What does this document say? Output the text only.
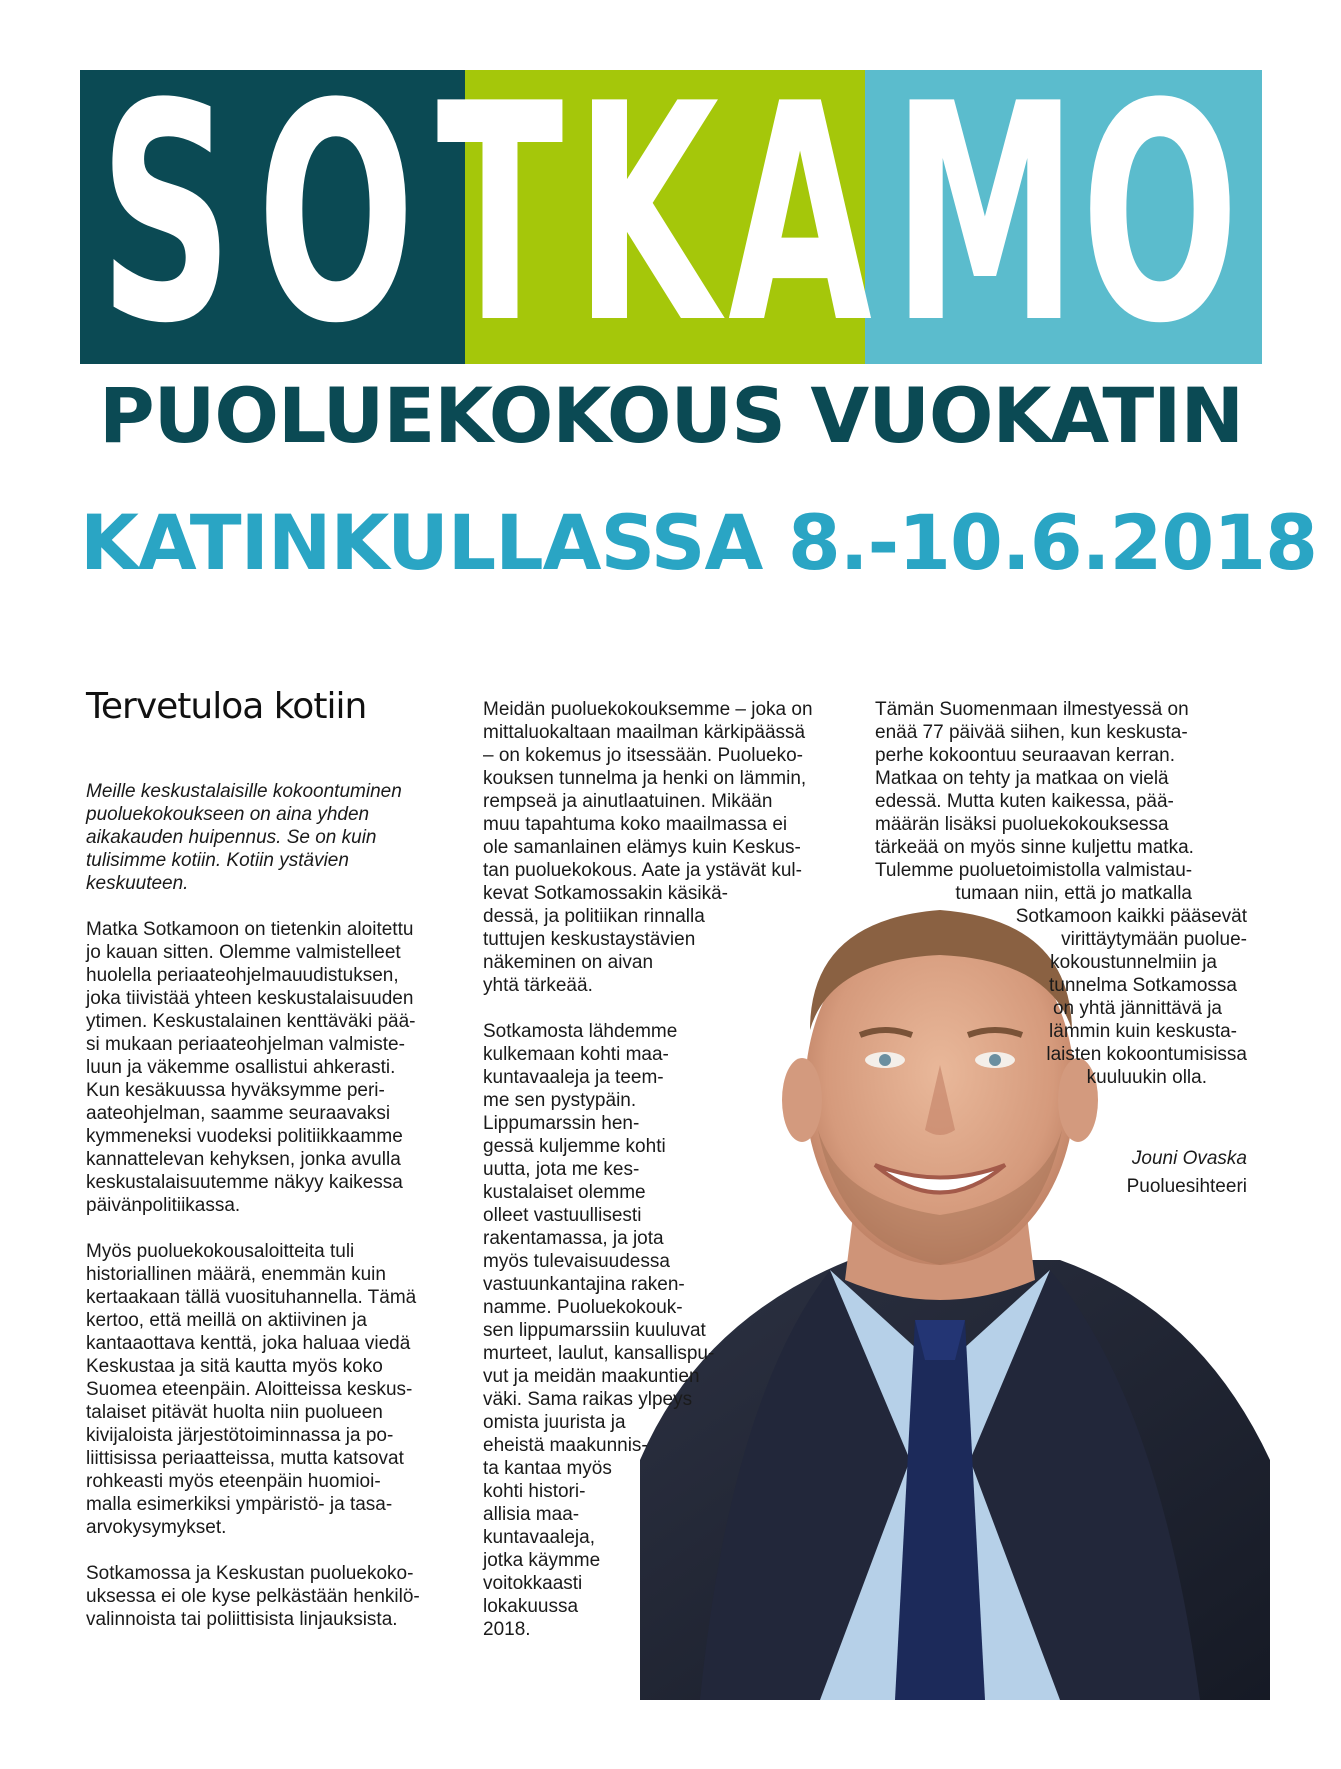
S O T K A M O
PUOLUEKOKOUS VUOKATIN
KATINKULLASSA 8.-10.6.2018
Tervetuloa kotiin

Meille keskustalaisille kokoontuminen

puoluekokoukseen on aina yhden

aikakauden huipennus. Se on kuin

tulisimme kotiin. Kotiin ystävien

keskuuteen.

Matka Sotkamoon on tietenkin aloitettu

jo kauan sitten. Olemme valmistelleet

huolella periaateohjelmauudistuksen,

joka tiivistää yhteen keskustalaisuuden

ytimen. Keskustalainen kenttäväki pää-

si mukaan periaateohjelman valmiste-

luun ja väkemme osallistui ahkerasti.

Kun kesäkuussa hyväksymme peri-

aateohjelman, saamme seuraavaksi

kymmeneksi vuodeksi politiikkaamme

kannattelevan kehyksen, jonka avulla

keskustalaisuutemme näkyy kaikessa

päivänpolitiikassa.

Myös puoluekokousaloitteita tuli

historiallinen määrä, enemmän kuin

kertaakaan tällä vuosituhannella. Tämä

kertoo, että meillä on aktiivinen ja

kantaaottava kenttä, joka haluaa viedä

Keskustaa ja sitä kautta myös koko

Suomea eteenpäin. Aloitteissa keskus-

talaiset pitävät huolta niin puolueen

kivijaloista järjestötoiminnassa ja po-

liittisissa periaatteissa, mutta katsovat

rohkeasti myös eteenpäin huomioi-

malla esimerkiksi ympäristö- ja tasa-

arvokysymykset.

Sotkamossa ja Keskustan puoluekoko-

uksessa ei ole kyse pelkästään henkilö-

valinnoista tai poliittisista linjauksista.

Meidän puoluekokouksemme – joka on

mittaluokaltaan maailman kärkipäässä

– on kokemus jo itsessään. Puolueko-

kouksen tunnelma ja henki on lämmin,

rempseä ja ainutlaatuinen. Mikään

muu tapahtuma koko maailmassa ei

ole samanlainen elämys kuin Keskus-

tan puoluekokous. Aate ja ystävät kul-

kevat Sotkamossakin käsikä-

dessä, ja politiikan rinnalla

tuttujen keskustaystävien

näkeminen on aivan

yhtä tärkeää.

Sotkamosta lähdemme

kulkemaan kohti maa-

kuntavaaleja ja teem-

me sen pystypäin.

Lippumarssin hen-

gessä kuljemme kohti

uutta, jota me kes-

kustalaiset olemme

olleet vastuullisesti

rakentamassa, ja jota

myös tulevaisuudessa

vastuunkantajina raken-

namme. Puoluekokouk-

sen lippumarssiin kuuluvat

murteet, laulut, kansallispu-

vut ja meidän maakuntien

väki. Sama raikas ylpeys

omista juurista ja

eheistä maakunnis-

ta kantaa myös

kohti histori-

allisia maa-

kuntavaaleja,

jotka käymme

voitokkaasti

lokakuussa

2018.

Tämän Suomenmaan ilmestyessä on

enää 77 päivää siihen, kun keskusta-

perhe kokoontuu seuraavan kerran.

Matkaa on tehty ja matkaa on vielä

edessä. Mutta kuten kaikessa, pää-

määrän lisäksi puoluekokouksessa

tärkeää on myös sinne kuljettu matka.

Tulemme puoluetoimistolla valmistau-

tumaan niin, että jo matkalla

Sotkamoon kaikki pääsevät

virittäytymään puolue-

kokoustunnelmiin ja

tunnelma Sotkamossa

on yhtä jännittävä ja

lämmin kuin keskusta-

laisten kokoontumisissa

kuuluukin olla.

Jouni Ovaska
Puoluesihteeri
